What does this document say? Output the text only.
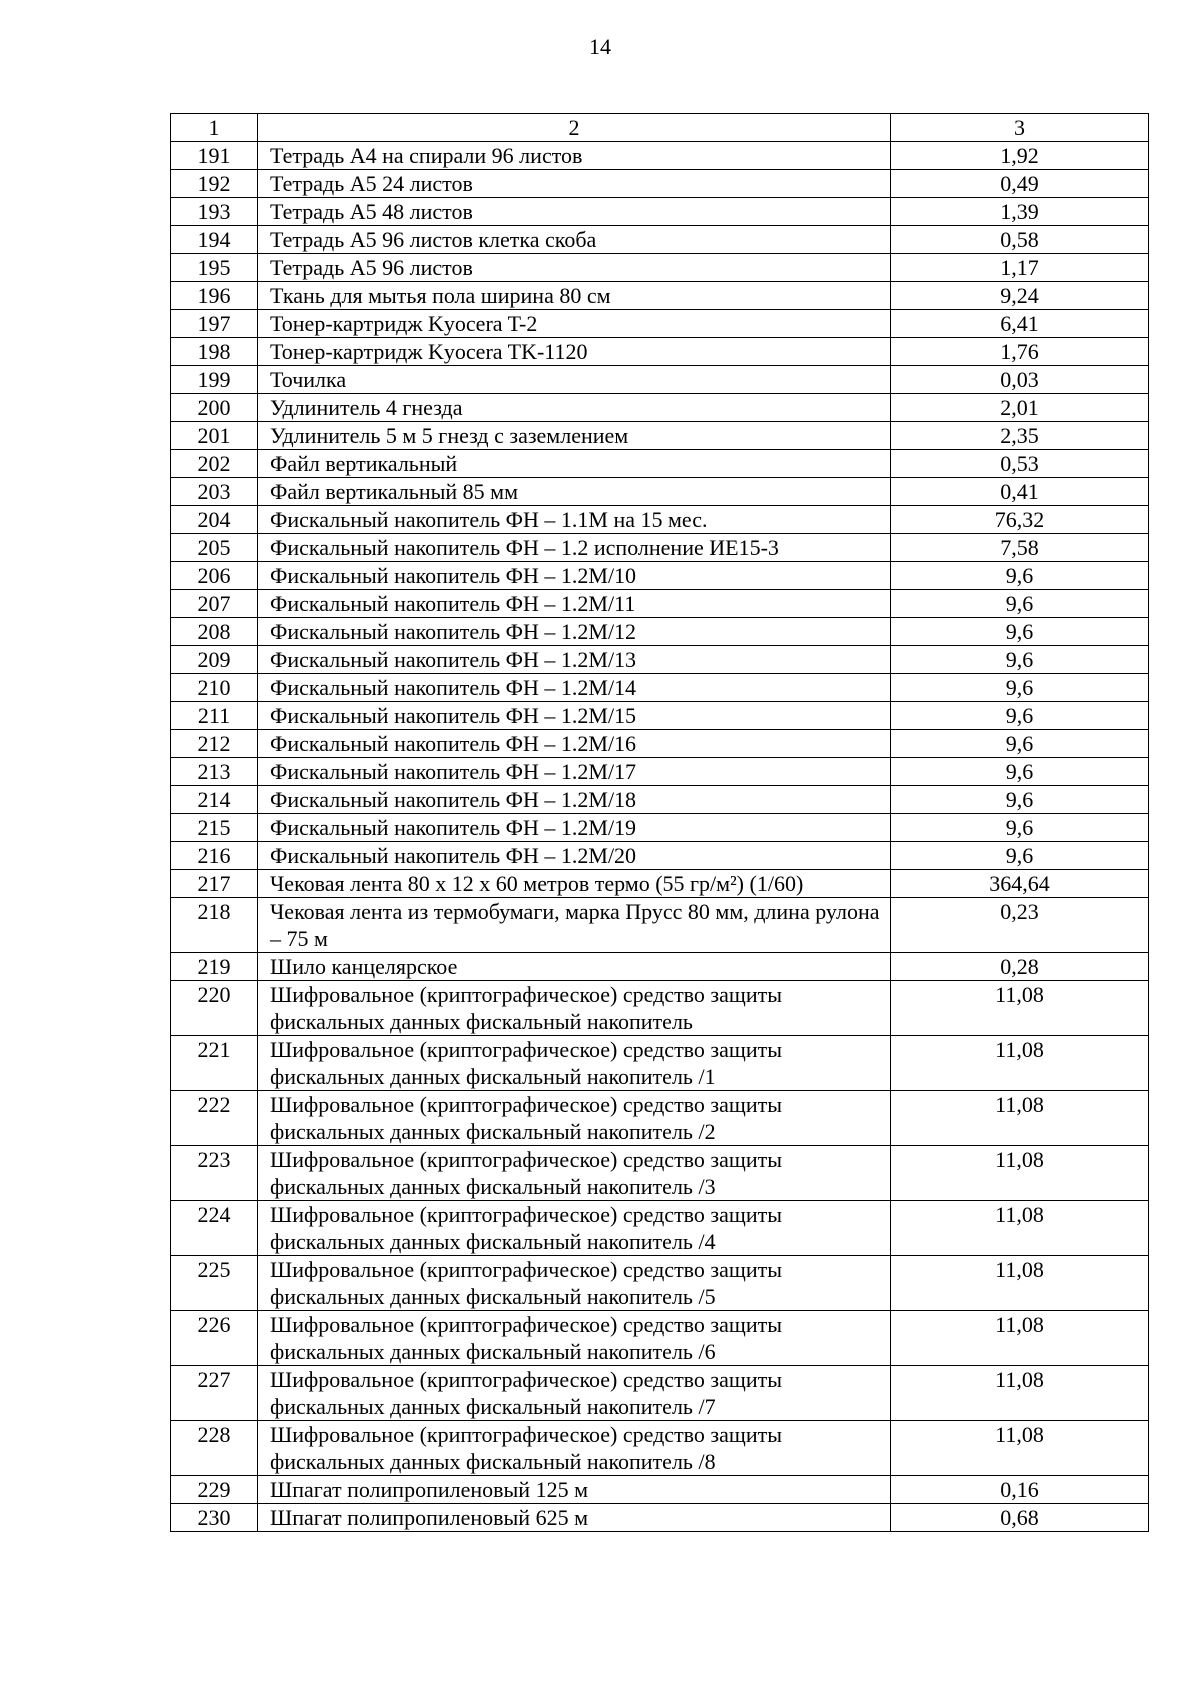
14
1	2	3
191	Тетрадь А4 на спирали 96 листов	1,92
192	Тетрадь А5 24 листов	0,49
193	Тетрадь А5 48 листов	1,39
194	Тетрадь А5 96 листов клетка скоба	0,58
195	Тетрадь А5 96 листов	1,17
196	Ткань для мытья пола ширина 80 см	9,24
197	Тонер-картридж Kyocera T-2	6,41
198	Тонер-картридж Kyocera TK-1120	1,76
199	Точилка	0,03
200	Удлинитель 4 гнезда	2,01
201	Удлинитель 5 м 5 гнезд с заземлением	2,35
202	Файл вертикальный	0,53
203	Файл вертикальный 85 мм	0,41
204	Фискальный накопитель ФН – 1.1М на 15 мес.	76,32
205	Фискальный накопитель ФН – 1.2 исполнение ИЕ15-3	7,58
206	Фискальный накопитель ФН – 1.2М/10	9,6
207	Фискальный накопитель ФН – 1.2М/11	9,6
208	Фискальный накопитель ФН – 1.2М/12	9,6
209	Фискальный накопитель ФН – 1.2М/13	9,6
210	Фискальный накопитель ФН – 1.2М/14	9,6
211	Фискальный накопитель ФН – 1.2М/15	9,6
212	Фискальный накопитель ФН – 1.2М/16	9,6
213	Фискальный накопитель ФН – 1.2М/17	9,6
214	Фискальный накопитель ФН – 1.2М/18	9,6
215	Фискальный накопитель ФН – 1.2М/19	9,6
216	Фискальный накопитель ФН – 1.2М/20	9,6
217	Чековая лента 80 х 12 х 60 метров термо (55 гр/м²) (1/60)	364,64
218	Чековая лента из термобумаги, марка Прусс 80 мм, длина рулона – 75 м	0,23
219	Шило канцелярское	0,28
220	Шифровальное (криптографическое) средство защиты фискальных данных фискальный накопитель	11,08
221	Шифровальное (криптографическое) средство защиты фискальных данных фискальный накопитель /1	11,08
222	Шифровальное (криптографическое) средство защиты фискальных данных фискальный накопитель /2	11,08
223	Шифровальное (криптографическое) средство защиты фискальных данных фискальный накопитель /3	11,08
224	Шифровальное (криптографическое) средство защиты фискальных данных фискальный накопитель /4	11,08
225	Шифровальное (криптографическое) средство защиты фискальных данных фискальный накопитель /5	11,08
226	Шифровальное (криптографическое) средство защиты фискальных данных фискальный накопитель /6	11,08
227	Шифровальное (криптографическое) средство защиты фискальных данных фискальный накопитель /7	11,08
228	Шифровальное (криптографическое) средство защиты фискальных данных фискальный накопитель /8	11,08
229	Шпагат полипропиленовый 125 м	0,16
230	Шпагат полипропиленовый 625 м	0,68
